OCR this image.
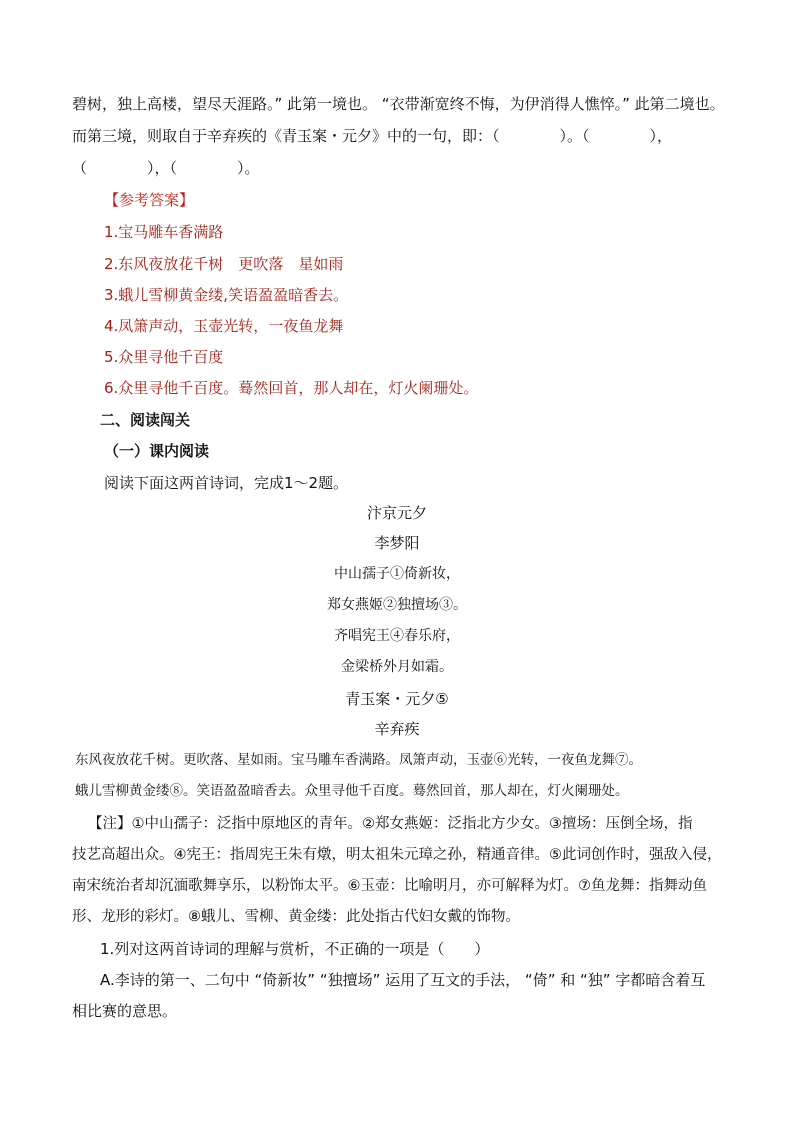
碧树，独上高楼，望尽天涯路。” 此第一境也。 “衣带渐宽终不悔，为伊消得人憔悴。” 此第二境也。
而第三境，则取自于辛弃疾的《青玉案・元夕》中的一句，即：（　　　　）。（　　　　），
（　　　　），（　　　　）。
【参考答案】
1.宝马雕车香满路
2.东风夜放花千树　更吹落　星如雨
3.蛾儿雪柳黄金缕,笑语盈盈暗香去。
4.凤箫声动，玉壶光转，一夜鱼龙舞
5.众里寻他千百度
6.众里寻他千百度。蓦然回首，那人却在，灯火阑珊处。
二、阅读闯关
（一）课内阅读
阅读下面这两首诗词，完成1～2题。
汴京元夕
李梦阳
中山孺子①倚新妆，
郑女燕姬②独擅场③。
齐唱宪王④春乐府，
金梁桥外月如霜。
青玉案・元夕⑤
辛弃疾
东风夜放花千树。更吹落、星如雨。宝马雕车香满路。凤箫声动，玉壶⑥光转，一夜鱼龙舞⑦。
蛾儿雪柳黄金缕⑧。笑语盈盈暗香去。众里寻他千百度。蓦然回首，那人却在，灯火阑珊处。
【注】①中山孺子：泛指中原地区的青年。②郑女燕姬：泛指北方少女。③擅场：压倒全场，指
技艺高超出众。④宪王：指周宪王朱有燉，明太祖朱元璋之孙，精通音律。⑤此词创作时，强敌入侵，
南宋统治者却沉湎歌舞享乐，以粉饰太平。⑥玉壶：比喻明月，亦可解释为灯。⑦鱼龙舞：指舞动鱼
形、龙形的彩灯。⑧蛾儿、雪柳、黄金缕：此处指古代妇女戴的饰物。
1.列对这两首诗词的理解与赏析，不正确的一项是（　　）
A.李诗的第一、二句中 “倚新妆” “独擅场” 运用了互文的手法， “倚” 和 “独” 字都暗含着互
相比赛的意思。
